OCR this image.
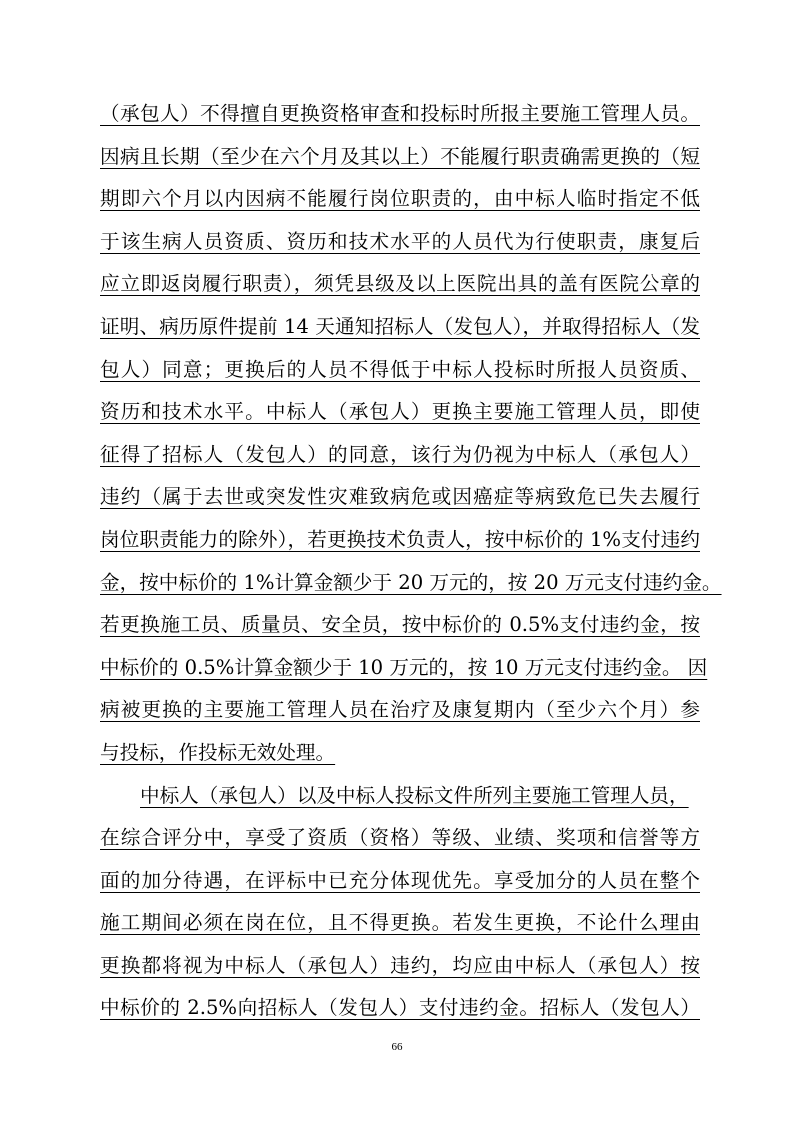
（承包人）不得擅自更换资格审查和投标时所报主要施工管理人员。
因病且长期（至少在六个月及其以上）不能履行职责确需更换的（短
期即六个月以内因病不能履行岗位职责的，由中标人临时指定不低
于该生病人员资质、资历和技术水平的人员代为行使职责，康复后
应立即返岗履行职责），须凭县级及以上医院出具的盖有医院公章的
证明、病历原件提前 14 天通知招标人（发包人），并取得招标人（发
包人）同意；更换后的人员不得低于中标人投标时所报人员资质、
资历和技术水平。中标人（承包人）更换主要施工管理人员，即使
征得了招标人（发包人）的同意，该行为仍视为中标人（承包人）
违约（属于去世或突发性灾难致病危或因癌症等病致危已失去履行
岗位职责能力的除外），若更换技术负责人，按中标价的 1%支付违约
金，按中标价的 1%计算金额少于 20 万元的，按 20 万元支付违约金。
若更换施工员、质量员、安全员，按中标价的 0.5%支付违约金，按
中标价的 0.5%计算金额少于 10 万元的，按 10 万元支付违约金。 因
病被更换的主要施工管理人员在治疗及康复期内（至少六个月）参
与投标，作投标无效处理。
中标人（承包人）以及中标人投标文件所列主要施工管理人员，
在综合评分中，享受了资质（资格）等级、业绩、奖项和信誉等方
面的加分待遇，在评标中已充分体现优先。享受加分的人员在整个
施工期间必须在岗在位，且不得更换。若发生更换，不论什么理由
更换都将视为中标人（承包人）违约，均应由中标人（承包人）按
中标价的 2.5%向招标人（发包人）支付违约金。招标人（发包人）
66
